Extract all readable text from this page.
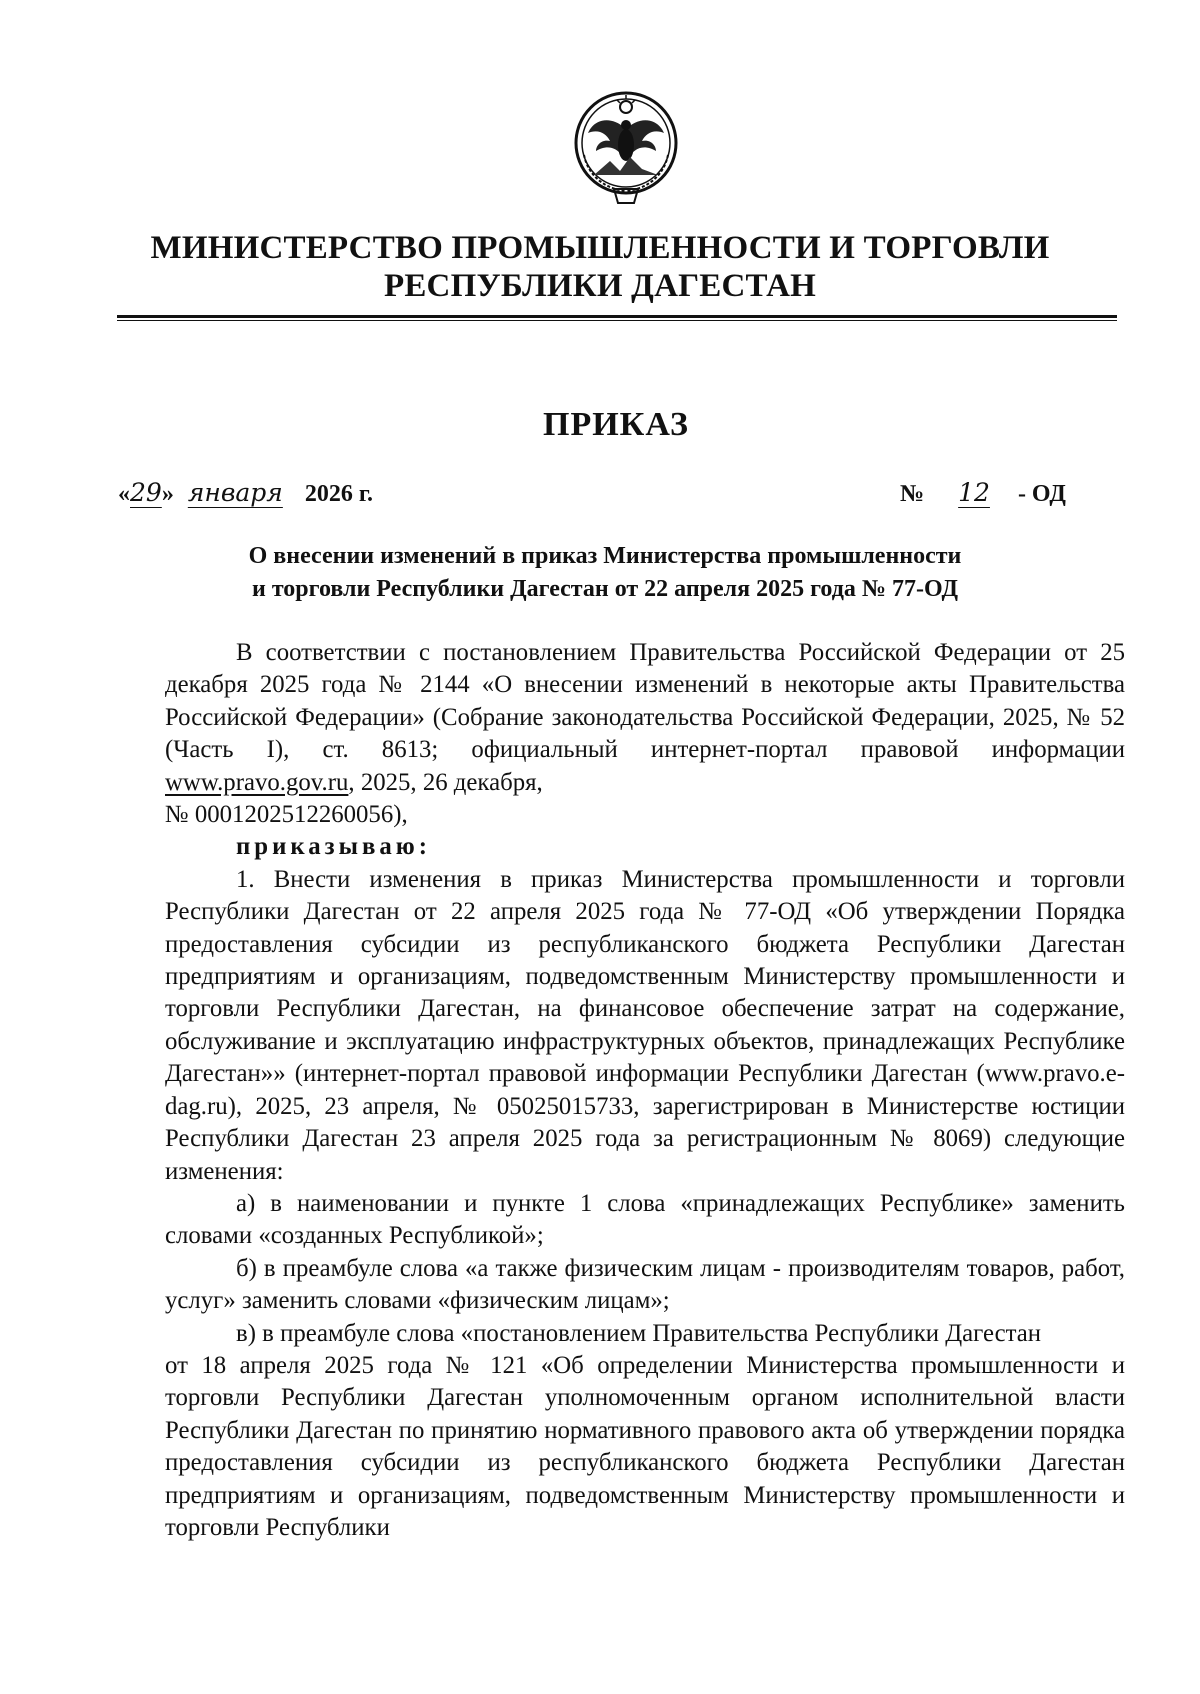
МИНИСТЕРСТВО ПРОМЫШЛЕННОСТИ И ТОРГОВЛИ
РЕСПУБЛИКИ ДАГЕСТАН
ПРИКАЗ
«29» января 2026 г.	№ 12 - ОД
О внесении изменений в приказ Министерства промышленности
и торговли Республики Дагестан от 22 апреля 2025 года № 77-ОД

В соответствии с постановлением Правительства Российской Федерации от 25 декабря 2025 года № 2144 «О внесении изменений в некоторые акты Правительства Российской Федерации» (Собрание законодательства Российской Федерации, 2025, № 52 (Часть I), ст. 8613; официальный интернет-портал правовой информации www.pravo.gov.ru, 2025, 26 декабря,
№ 0001202512260056),

приказываю:

1. Внести изменения в приказ Министерства промышленности и торговли Республики Дагестан от 22 апреля 2025 года № 77-ОД «Об утверждении Порядка предоставления субсидии из республиканского бюджета Республики Дагестан предприятиям и организациям, подведомственным Министерству промышленности и торговли Республики Дагестан, на финансовое обеспечение затрат на содержание, обслуживание и эксплуатацию инфраструктурных объектов, принадлежащих Республике Дагестан»» (интернет-портал правовой информации Республики Дагестан (www.pravo.e-dag.ru), 2025, 23 апреля, № 05025015733, зарегистрирован в Министерстве юстиции Республики Дагестан 23 апреля 2025 года за регистрационным № 8069) следующие изменения:

а) в наименовании и пункте 1 слова «принадлежащих Республике» заменить словами «созданных Республикой»;

б) в преамбуле слова «а также физическим лицам - производителям товаров, работ, услуг» заменить словами «физическим лицам»;

в) в преамбуле слова «постановлением Правительства Республики Дагестан

от 18 апреля 2025 года № 121 «Об определении Министерства промышленности и торговли Республики Дагестан уполномоченным органом исполнительной власти Республики Дагестан по принятию нормативного правового акта об утверждении порядка предоставления субсидии из республиканского бюджета Республики Дагестан предприятиям и организациям, подведомственным Министерству промышленности и торговли Республики
